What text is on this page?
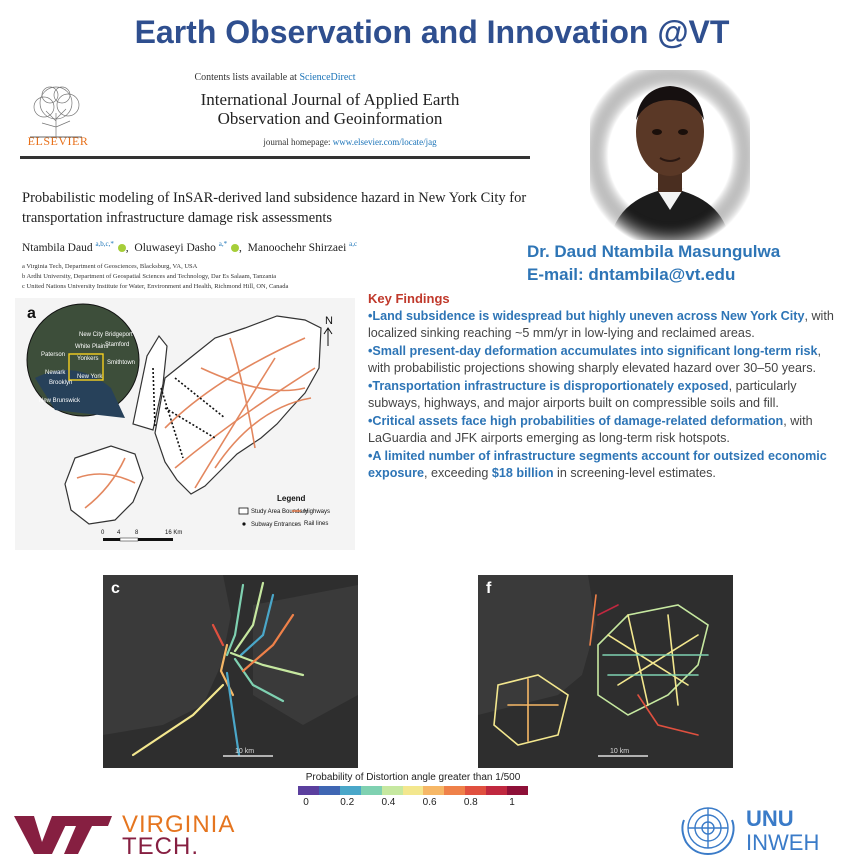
Earth Observation and Innovation @VT
Contents lists available at ScienceDirect
ELSEVIER
International Journal of Applied Earth Observation and Geoinformation
journal homepage: www.elsevier.com/locate/jag
Probabilistic modeling of InSAR-derived land subsidence hazard in New York City for transportation infrastructure damage risk assessments
Ntambila Daud $^{a,b,c,*}$ ,  Oluwaseyi Dasho $^{a,*}$ ,  Manoochehr Shirzaei $^{a,c}$
a Virginia Tech, Department of Geosciences, Blacksburg, VA, USA
b Ardhi University, Department of Geospatial Sciences and Technology, Dar Es Salaam, Tanzania
c United Nations University Institute for Water, Environment and Health, Richmond Hill, ON, Canada
Dr. Daud Ntambila Masungulwa
E-mail: dntambila@vt.edu
Key Findings
•Land subsidence is widespread but highly uneven across New York City, with localized sinking reaching ~5 mm/yr in low-lying and reclaimed areas.
•Small present-day deformation accumulates into significant long-term risk, with probabilistic projections showing sharply elevated hazard over 30–50 years.
•Transportation infrastructure is disproportionately exposed, particularly subways, highways, and major airports built on compressible soils and fill.
•Critical assets face high probabilities of damage-related deformation, with LaGuardia and JFK airports emerging as long-term risk hotspots.
•A limited number of infrastructure segments account for outsized economic exposure, exceeding $18 billion in screening-level estimates.
a	N
New City Bridgeport
Paterson
White Plains
Stamford
Yonkers
Smithtown
Newark
New York
Brooklyn
New Brunswick
Legend
Study Area Boundary
Highways
Subway Entrances Rail lines
0 4 8	16 Km
c
10 km
f
10 km
Probability of Distortion angle greater than 1/500
0	0.2	0.4	0.6	0.8	1
VIRGINIA
TECH.
UNU
INWEH
